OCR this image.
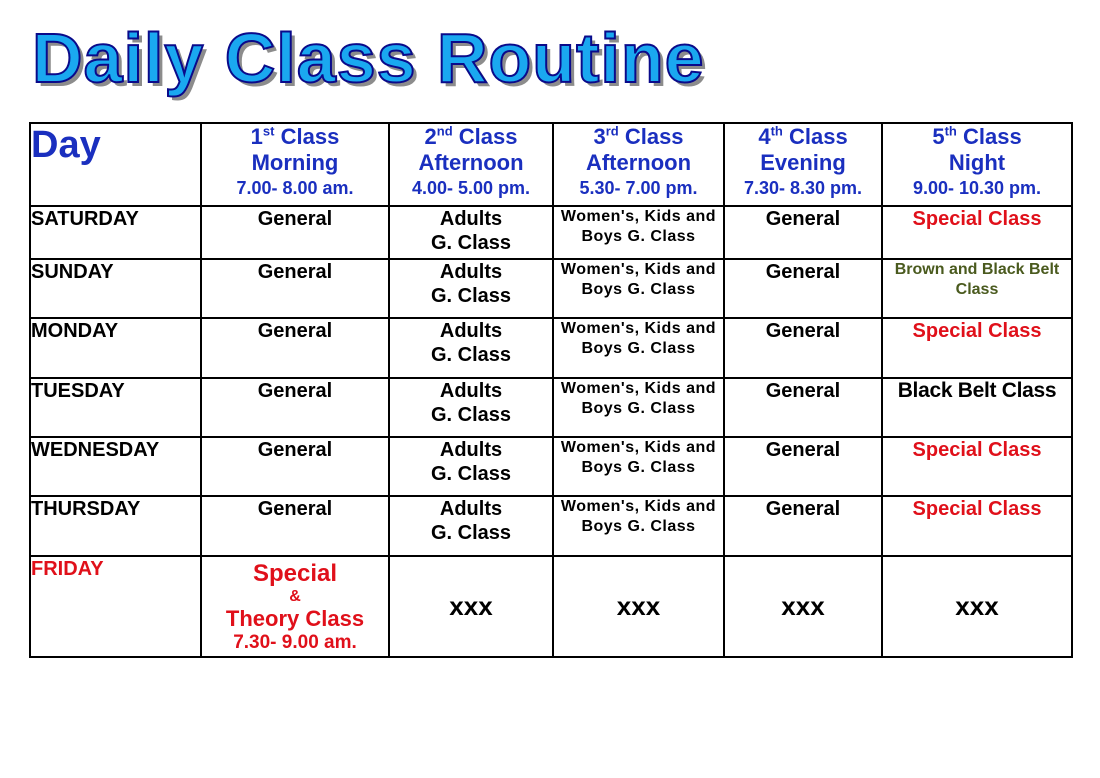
Daily Class Routine
Day	1st Class
Morning
7.00- 8.00 am.	2nd Class
Afternoon
4.00- 5.00 pm.	3rd Class
Afternoon
5.30- 7.00 pm.	4th Class
Evening
7.30- 8.30 pm.	5th Class
Night
9.00- 10.30 pm.

SATURDAY	General	Adults
G. Class	Women's, Kids and
Boys G. Class	General	Special Class

SUNDAY	General	Adults
G. Class	Women's, Kids and
Boys G. Class	General	Brown and Black Belt
Class

MONDAY	General	Adults
G. Class	Women's, Kids and
Boys G. Class	General	Special Class

TUESDAY	General	Adults
G. Class	Women's, Kids and
Boys G. Class	General	Black Belt Class

WEDNESDAY	General	Adults
G. Class	Women's, Kids and
Boys G. Class	General	Special Class

THURSDAY	General	Adults
G. Class	Women's, Kids and
Boys G. Class	General	Special Class

FRIDAY	Special
&
Theory Class
7.30- 9.00 am.	xxx	xxx	xxx	xxx
